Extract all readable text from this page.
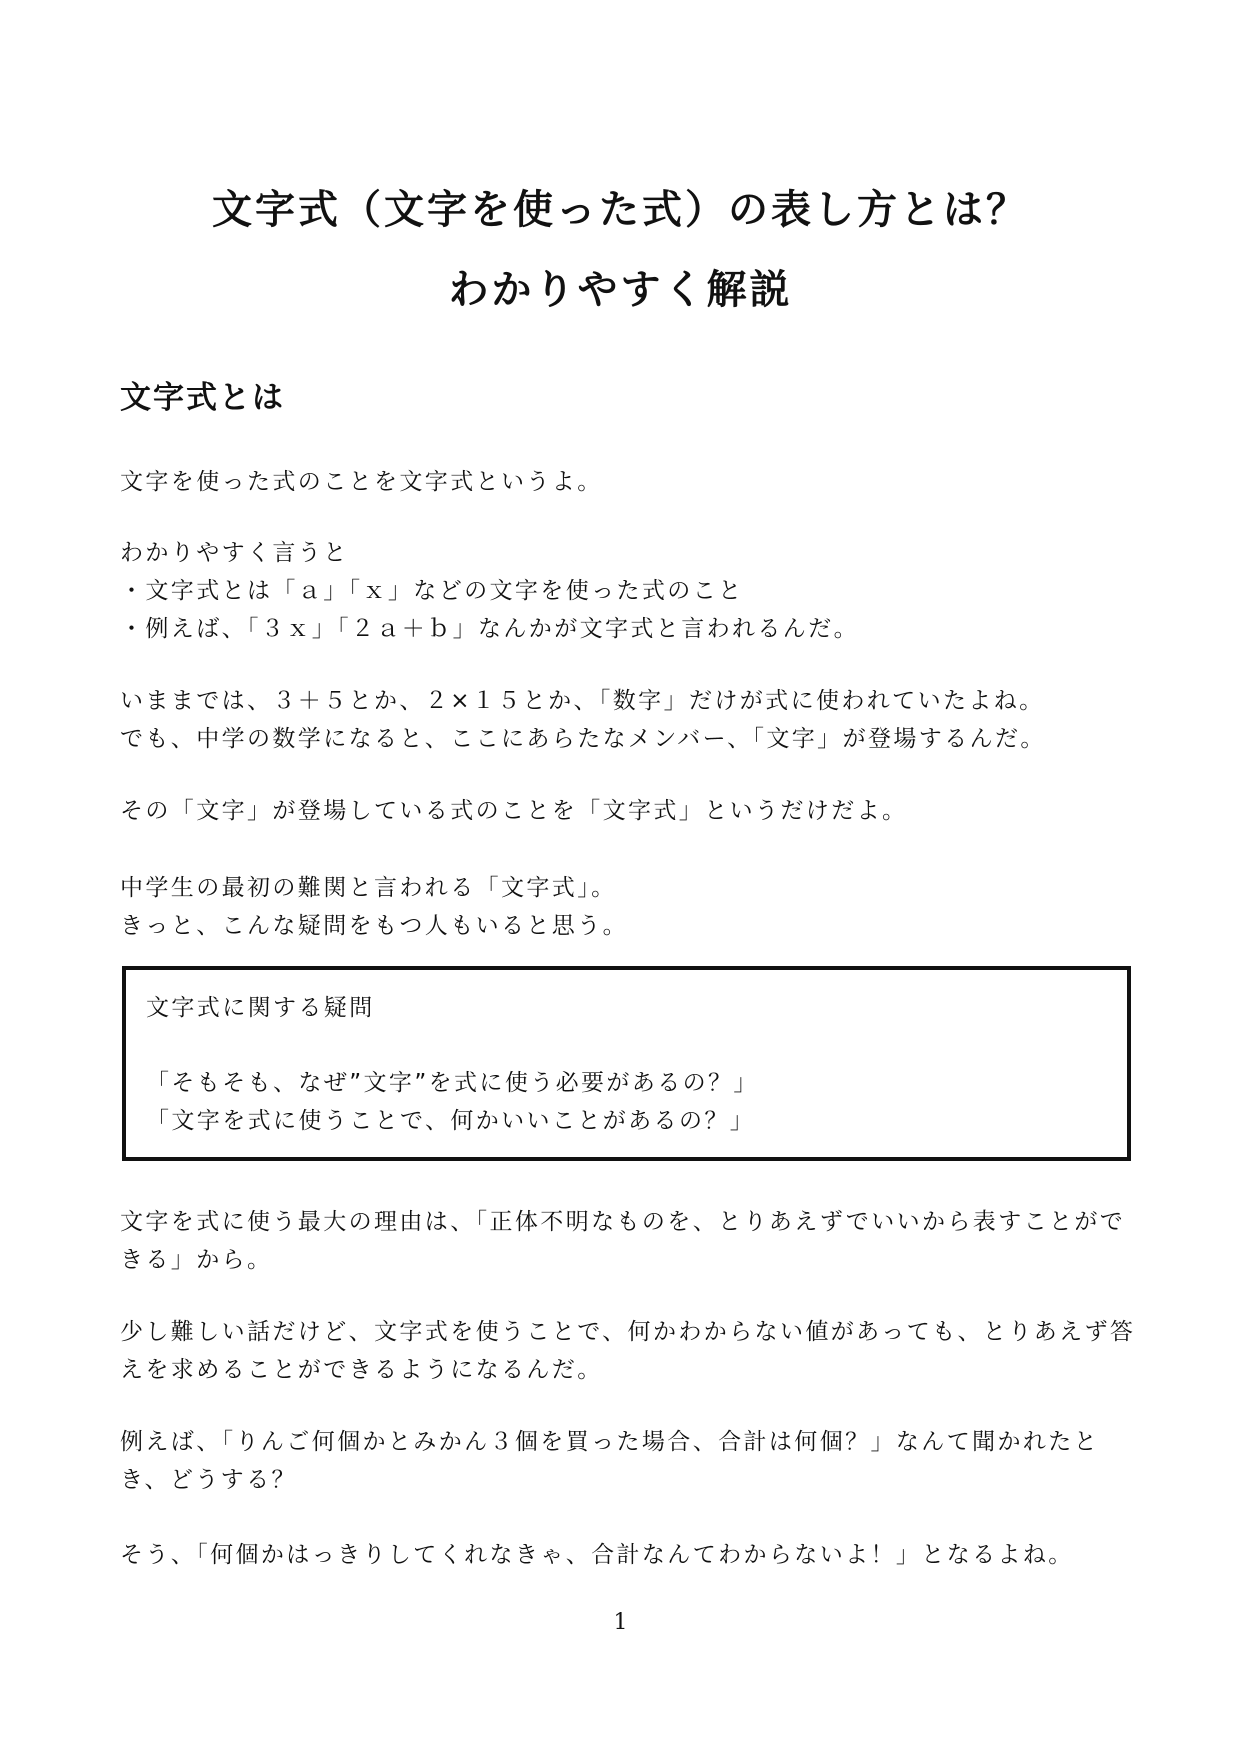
文字式（文字を使った式）の表し方とは？
わかりやすく解説
文字式とは
文字を使った式のことを文字式というよ。
わかりやすく言うと
・文字式とは「ａ」「ｘ」などの文字を使った式のこと
・例えば、「３ｘ」「２ａ＋ｂ」なんかが文字式と言われるんだ。
いままでは、３＋５とか、２×１５とか、「数字」だけが式に使われていたよね。
でも、中学の数学になると、ここにあらたなメンバー、「文字」が登場するんだ。
その「文字」が登場している式のことを「文字式」というだけだよ。
中学生の最初の難関と言われる「文字式」。
きっと、こんな疑問をもつ人もいると思う。
文字式に関する疑問
「そもそも、なぜ”文字”を式に使う必要があるの？」
「文字を式に使うことで、何かいいことがあるの？」
文字を式に使う最大の理由は、「正体不明なものを、とりあえずでいいから表すことがで
きる」から。
少し難しい話だけど、文字式を使うことで、何かわからない値があっても、とりあえず答
えを求めることができるようになるんだ。
例えば、「りんご何個かとみかん３個を買った場合、合計は何個？」なんて聞かれたと
き、どうする？
そう、「何個かはっきりしてくれなきゃ、合計なんてわからないよ！」となるよね。
1
